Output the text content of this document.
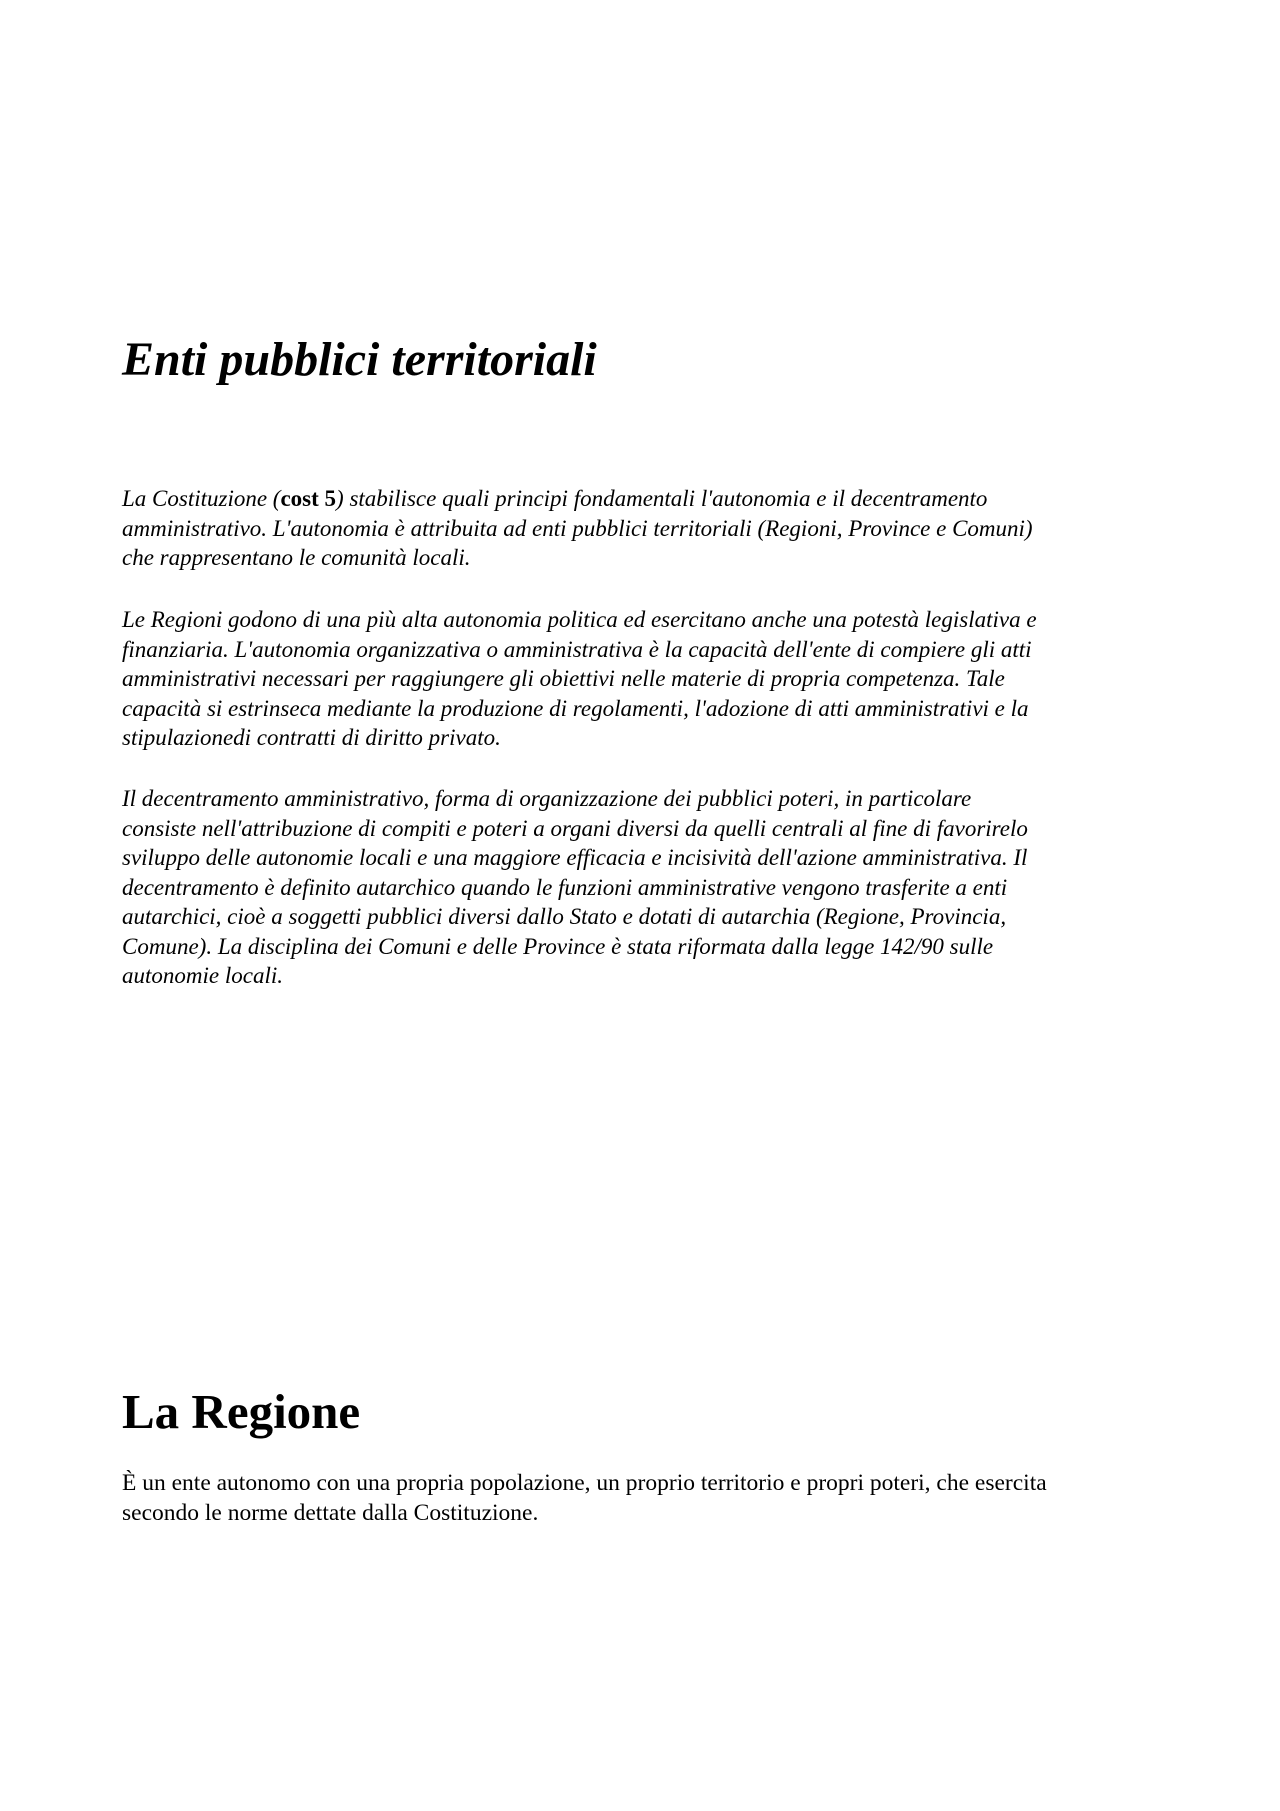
Enti pubblici territoriali

La Costituzione (cost 5) stabilisce quali principi fondamentali l'autonomia e il decentramento
amministrativo. L'autonomia è attribuita ad enti pubblici territoriali (Regioni, Province e Comuni)
che rappresentano le comunità locali.

Le Regioni godono di una più alta autonomia politica ed esercitano anche una potestà legislativa e
finanziaria. L'autonomia organizzativa o amministrativa è la capacità dell'ente di compiere gli atti
amministrativi necessari per raggiungere gli obiettivi nelle materie di propria competenza. Tale
capacità si estrinseca mediante la produzione di regolamenti, l'adozione di atti amministrativi e la
stipulazionedi contratti di diritto privato.

Il decentramento amministrativo, forma di organizzazione dei pubblici poteri, in particolare
consiste nell'attribuzione di compiti e poteri a organi diversi da quelli centrali al fine di favorirelo
sviluppo delle autonomie locali e una maggiore efficacia e incisività dell'azione amministrativa. Il
decentramento è definito autarchico quando le funzioni amministrative vengono trasferite a enti
autarchici, cioè a soggetti pubblici diversi dallo Stato e dotati di autarchia (Regione, Provincia,
Comune). La disciplina dei Comuni e delle Province è stata riformata dalla legge 142/90 sulle
autonomie locali.

La Regione

È un ente autonomo con una propria popolazione, un proprio territorio e propri poteri, che esercita
secondo le norme dettate dalla Costituzione.
